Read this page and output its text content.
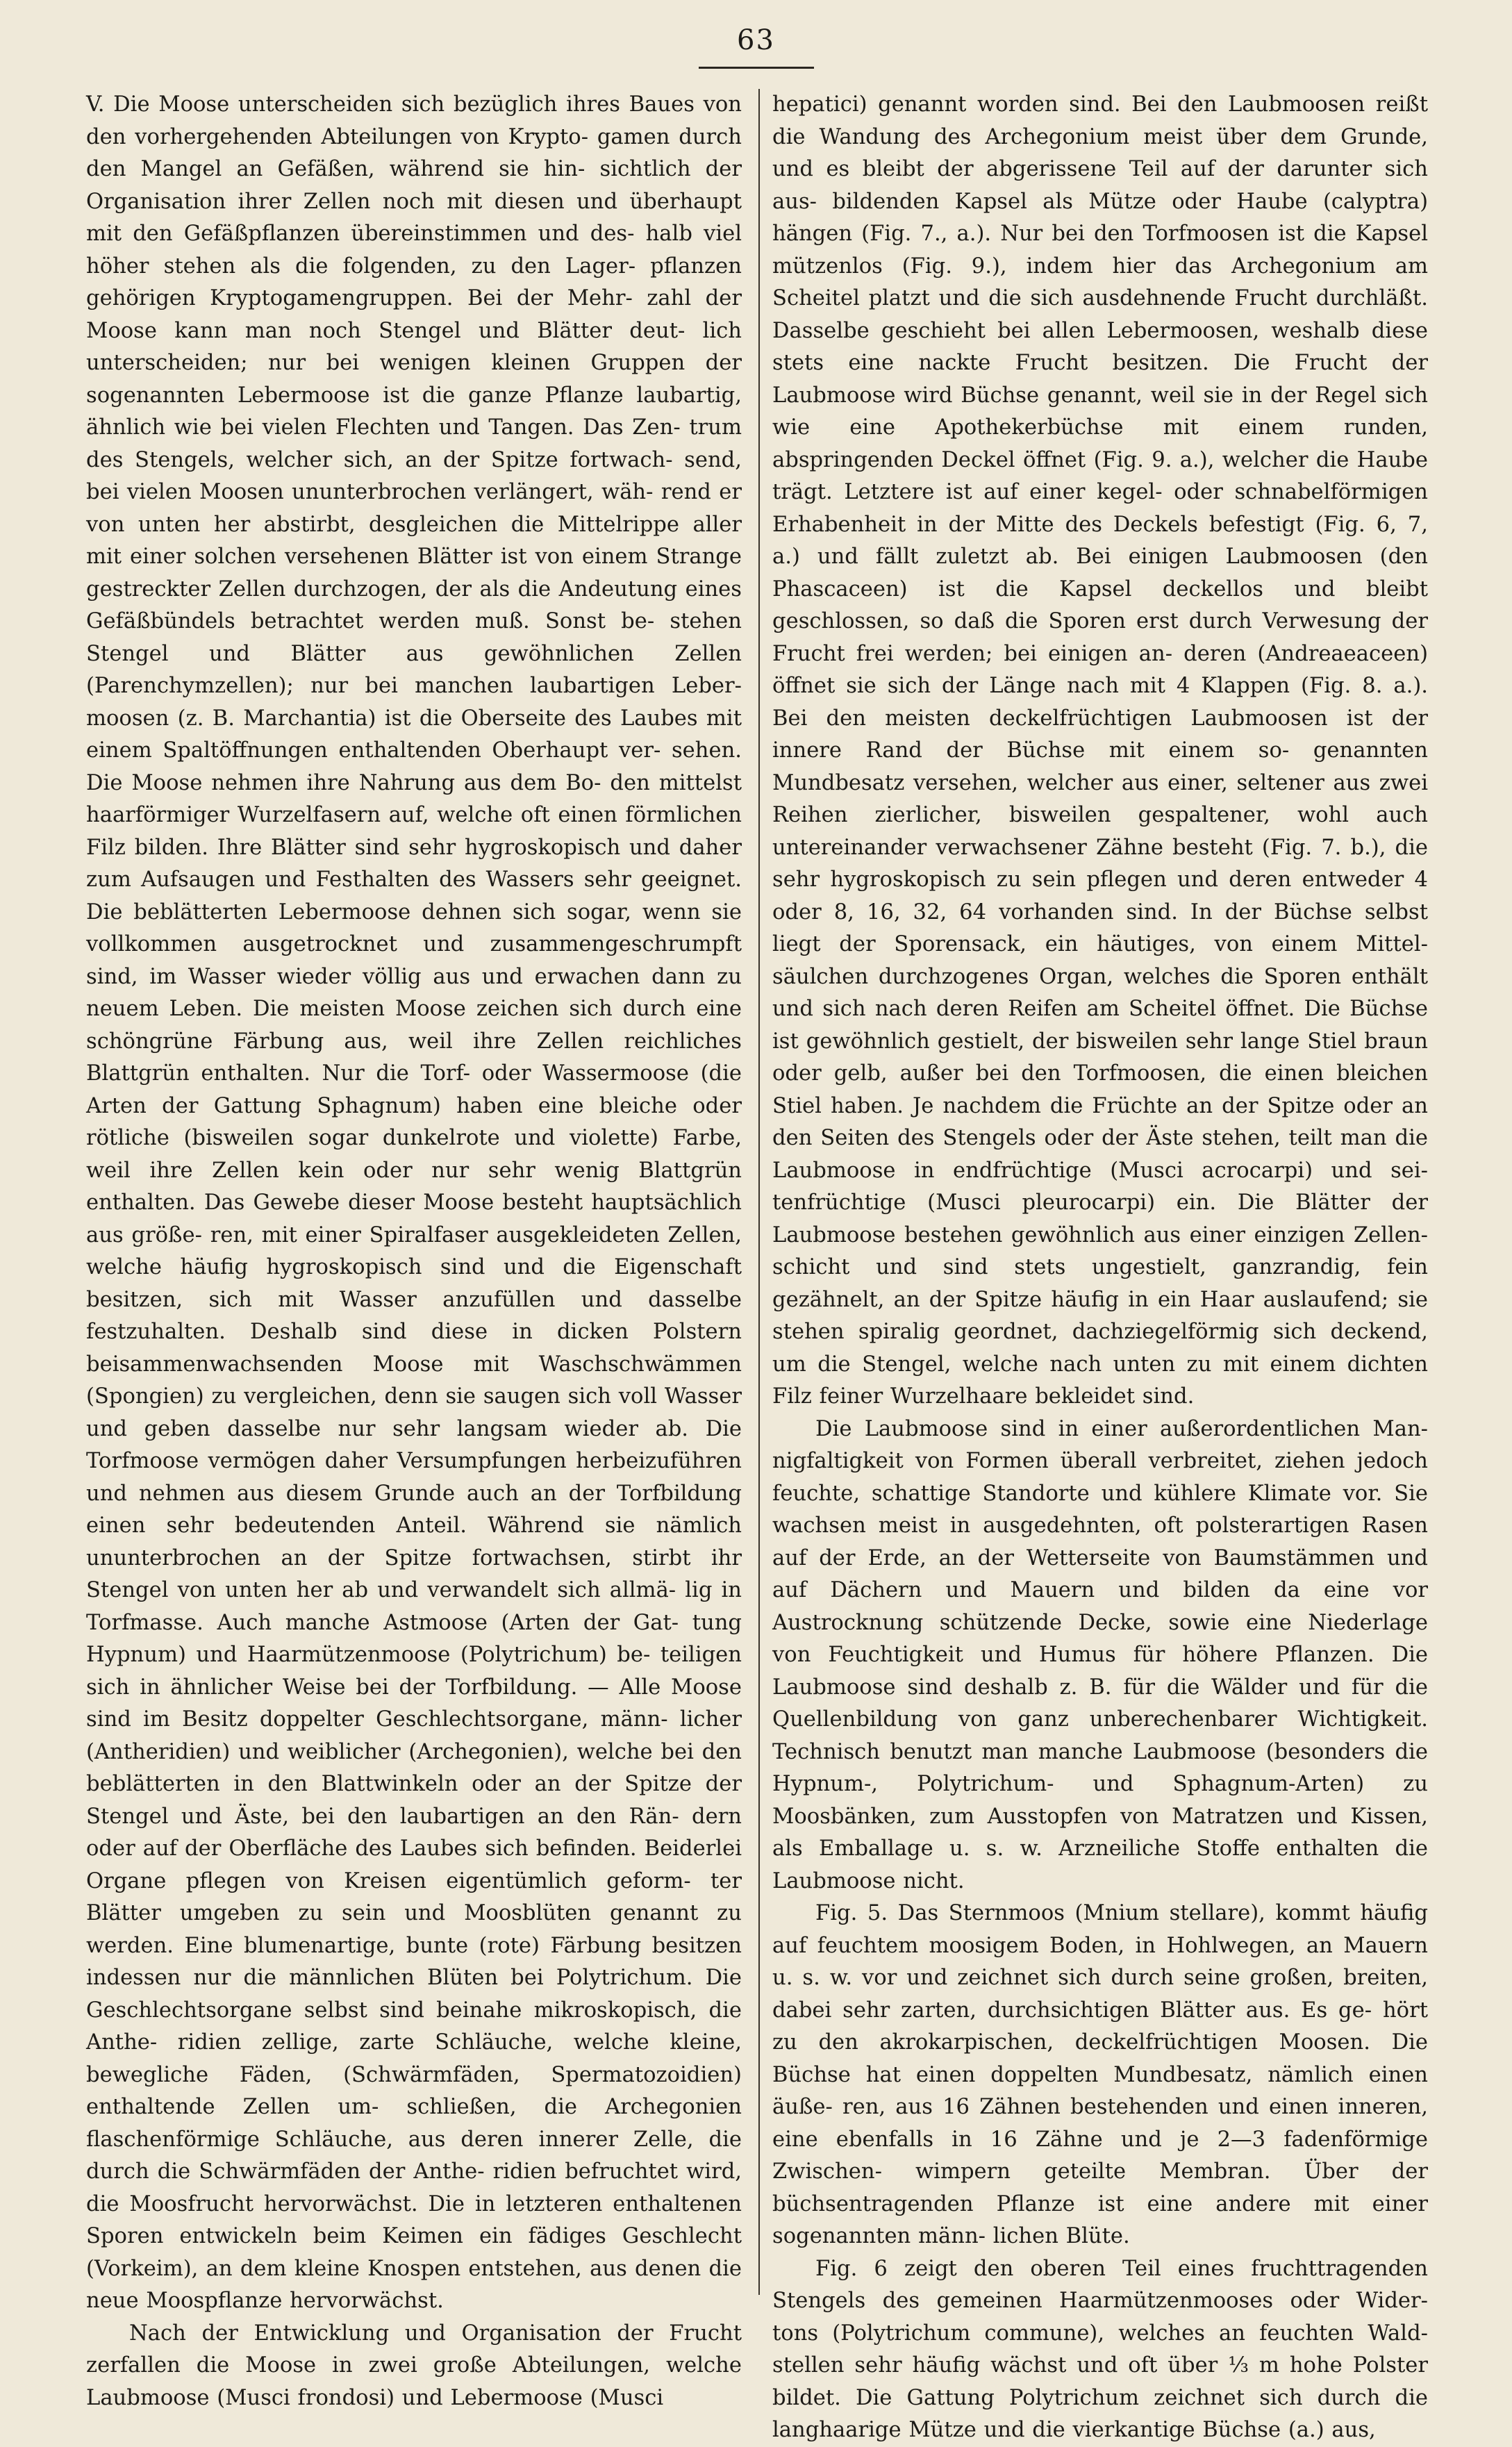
63

V. Die Moose unterscheiden sich bezüglich ihres Baues von den vorhergehenden Abteilungen von Krypto- gamen durch den Mangel an Gefäßen, während sie hin- sichtlich der Organisation ihrer Zellen noch mit diesen und überhaupt mit den Gefäßpflanzen übereinstimmen und des- halb viel höher stehen als die folgenden, zu den Lager- pflanzen gehörigen Kryptogamengruppen. Bei der Mehr- zahl der Moose kann man noch Stengel und Blätter deut- lich unterscheiden; nur bei wenigen kleinen Gruppen der sogenannten Lebermoose ist die ganze Pflanze laubartig, ähnlich wie bei vielen Flechten und Tangen. Das Zen- trum des Stengels, welcher sich, an der Spitze fortwach- send, bei vielen Moosen ununterbrochen verlängert, wäh- rend er von unten her abstirbt, desgleichen die Mittelrippe aller mit einer solchen versehenen Blätter ist von einem Strange gestreckter Zellen durchzogen, der als die Andeutung eines Gefäßbündels betrachtet werden muß. Sonst be- stehen Stengel und Blätter aus gewöhnlichen Zellen (Parenchymzellen); nur bei manchen laubartigen Leber- moosen (z. B. Marchantia) ist die Oberseite des Laubes mit einem Spaltöffnungen enthaltenden Oberhaupt ver- sehen. Die Moose nehmen ihre Nahrung aus dem Bo- den mittelst haarförmiger Wurzelfasern auf, welche oft einen förmlichen Filz bilden. Ihre Blätter sind sehr hygroskopisch und daher zum Aufsaugen und Festhalten des Wassers sehr geeignet. Die beblätterten Lebermoose dehnen sich sogar, wenn sie vollkommen ausgetrocknet und zusammengeschrumpft sind, im Wasser wieder völlig aus und erwachen dann zu neuem Leben. Die meisten Moose zeichen sich durch eine schöngrüne Färbung aus, weil ihre Zellen reichliches Blattgrün enthalten. Nur die Torf- oder Wassermoose (die Arten der Gattung Sphagnum) haben eine bleiche oder rötliche (bisweilen sogar dunkelrote und violette) Farbe, weil ihre Zellen kein oder nur sehr wenig Blattgrün enthalten. Das Gewebe dieser Moose besteht hauptsächlich aus größe- ren, mit einer Spiralfaser ausgekleideten Zellen, welche häufig hygroskopisch sind und die Eigenschaft besitzen, sich mit Wasser anzufüllen und dasselbe festzuhalten. Deshalb sind diese in dicken Polstern beisammenwachsenden Moose mit Waschschwämmen (Spongien) zu vergleichen, denn sie saugen sich voll Wasser und geben dasselbe nur sehr langsam wieder ab. Die Torfmoose vermögen daher Versumpfungen herbeizuführen und nehmen aus diesem Grunde auch an der Torfbildung einen sehr bedeutenden Anteil. Während sie nämlich ununterbrochen an der Spitze fortwachsen, stirbt ihr Stengel von unten her ab und verwandelt sich allmä- lig in Torfmasse. Auch manche Astmoose (Arten der Gat- tung Hypnum) und Haarmützenmoose (Polytrichum) be- teiligen sich in ähnlicher Weise bei der Torfbildung. — Alle Moose sind im Besitz doppelter Geschlechtsorgane, männ- licher (Antheridien) und weiblicher (Archegonien), welche bei den beblätterten in den Blattwinkeln oder an der Spitze der Stengel und Äste, bei den laubartigen an den Rän- dern oder auf der Oberfläche des Laubes sich befinden. Beiderlei Organe pflegen von Kreisen eigentümlich geform- ter Blätter umgeben zu sein und Moosblüten genannt zu werden. Eine blumenartige, bunte (rote) Färbung besitzen indessen nur die männlichen Blüten bei Polytrichum. Die Geschlechtsorgane selbst sind beinahe mikroskopisch, die Anthe- ridien zellige, zarte Schläuche, welche kleine, bewegliche Fäden, (Schwärmfäden, Spermatozoidien) enthaltende Zellen um- schließen, die Archegonien flaschenförmige Schläuche, aus deren innerer Zelle, die durch die Schwärmfäden der Anthe- ridien befruchtet wird, die Moosfrucht hervorwächst. Die in letzteren enthaltenen Sporen entwickeln beim Keimen ein fädiges Geschlecht (Vorkeim), an dem kleine Knospen entstehen, aus denen die neue Moospflanze hervorwächst.

Nach der Entwicklung und Organisation der Frucht zerfallen die Moose in zwei große Abteilungen, welche Laubmoose (Musci frondosi) und Lebermoose (Musci

hepatici) genannt worden sind. Bei den Laubmoosen reißt die Wandung des Archegonium meist über dem Grunde, und es bleibt der abgerissene Teil auf der darunter sich aus- bildenden Kapsel als Mütze oder Haube (calyptra) hängen (Fig. 7., a.). Nur bei den Torfmoosen ist die Kapsel mützenlos (Fig. 9.), indem hier das Archegonium am Scheitel platzt und die sich ausdehnende Frucht durchläßt. Dasselbe geschieht bei allen Lebermoosen, weshalb diese stets eine nackte Frucht besitzen. Die Frucht der Laubmoose wird Büchse genannt, weil sie in der Regel sich wie eine Apothekerbüchse mit einem runden, abspringenden Deckel öffnet (Fig. 9. a.), welcher die Haube trägt. Letztere ist auf einer kegel- oder schnabelförmigen Erhabenheit in der Mitte des Deckels befestigt (Fig. 6, 7, a.) und fällt zuletzt ab. Bei einigen Laubmoosen (den Phascaceen) ist die Kapsel deckellos und bleibt geschlossen, so daß die Sporen erst durch Verwesung der Frucht frei werden; bei einigen an- deren (Andreaeaceen) öffnet sie sich der Länge nach mit 4 Klappen (Fig. 8. a.). Bei den meisten deckelfrüchtigen Laubmoosen ist der innere Rand der Büchse mit einem so- genannten Mundbesatz versehen, welcher aus einer, seltener aus zwei Reihen zierlicher, bisweilen gespaltener, wohl auch untereinander verwachsener Zähne besteht (Fig. 7. b.), die sehr hygroskopisch zu sein pflegen und deren entweder 4 oder 8, 16, 32, 64 vorhanden sind. In der Büchse selbst liegt der Sporensack, ein häutiges, von einem Mittel- säulchen durchzogenes Organ, welches die Sporen enthält und sich nach deren Reifen am Scheitel öffnet. Die Büchse ist gewöhnlich gestielt, der bisweilen sehr lange Stiel braun oder gelb, außer bei den Torfmoosen, die einen bleichen Stiel haben. Je nachdem die Früchte an der Spitze oder an den Seiten des Stengels oder der Äste stehen, teilt man die Laubmoose in endfrüchtige (Musci acrocarpi) und sei- tenfrüchtige (Musci pleurocarpi) ein. Die Blätter der Laubmoose bestehen gewöhnlich aus einer einzigen Zellen- schicht und sind stets ungestielt, ganzrandig, fein gezähnelt, an der Spitze häufig in ein Haar auslaufend; sie stehen spiralig geordnet, dachziegelförmig sich deckend, um die Stengel, welche nach unten zu mit einem dichten Filz feiner Wurzelhaare bekleidet sind.

Die Laubmoose sind in einer außerordentlichen Man- nigfaltigkeit von Formen überall verbreitet, ziehen jedoch feuchte, schattige Standorte und kühlere Klimate vor. Sie wachsen meist in ausgedehnten, oft polsterartigen Rasen auf der Erde, an der Wetterseite von Baumstämmen und auf Dächern und Mauern und bilden da eine vor Austrocknung schützende Decke, sowie eine Niederlage von Feuchtigkeit und Humus für höhere Pflanzen. Die Laubmoose sind deshalb z. B. für die Wälder und für die Quellenbildung von ganz unberechenbarer Wichtigkeit. Technisch benutzt man manche Laubmoose (besonders die Hypnum-, Polytrichum- und Sphagnum-Arten) zu Moosbänken, zum Ausstopfen von Matratzen und Kissen, als Emballage u. s. w. Arzneiliche Stoffe enthalten die Laubmoose nicht.

Fig. 5. Das Sternmoos (Mnium stellare), kommt häufig auf feuchtem moosigem Boden, in Hohlwegen, an Mauern u. s. w. vor und zeichnet sich durch seine großen, breiten, dabei sehr zarten, durchsichtigen Blätter aus. Es ge- hört zu den akrokarpischen, deckelfrüchtigen Moosen. Die Büchse hat einen doppelten Mundbesatz, nämlich einen äuße- ren, aus 16 Zähnen bestehenden und einen inneren, eine ebenfalls in 16 Zähne und je 2—3 fadenförmige Zwischen- wimpern geteilte Membran. Über der büchsentragenden Pflanze ist eine andere mit einer sogenannten männ- lichen Blüte.

Fig. 6 zeigt den oberen Teil eines fruchttragenden Stengels des gemeinen Haarmützenmooses oder Wider- tons (Polytrichum commune), welches an feuchten Wald- stellen sehr häufig wächst und oft über ⅓ m hohe Polster bildet. Die Gattung Polytrichum zeichnet sich durch die langhaarige Mütze und die vierkantige Büchse (a.) aus,
